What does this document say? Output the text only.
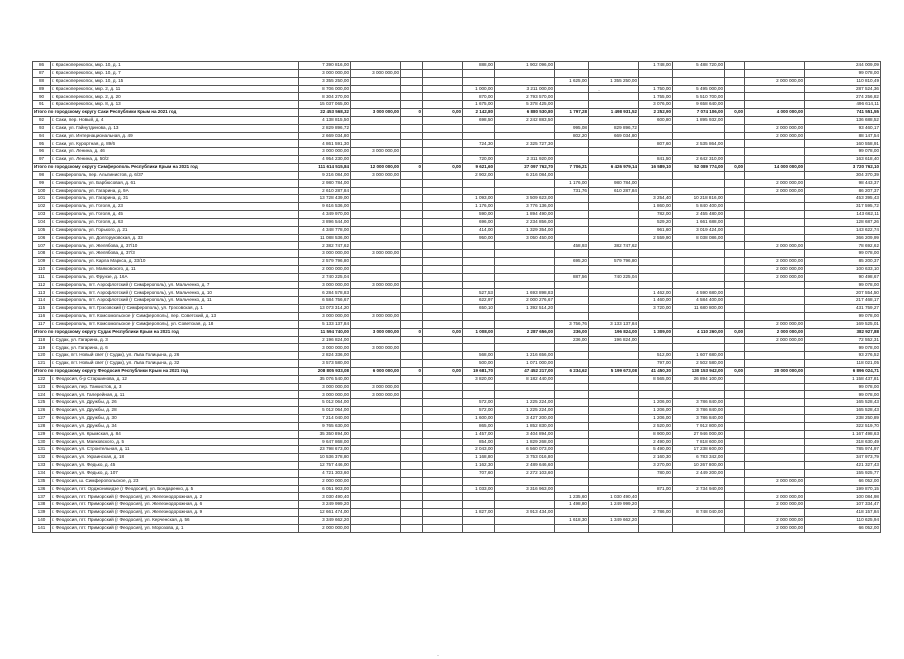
86	г. Красноперекопск, мкр. 10, д. 1	7 390 816,00				888,00	1 902 096,00			1 748,00	5 488 720,00			244 009,09
87	г. Красноперекопск, мкр. 10, д. 7	3 000 000,00	3 000 000,00											99 078,00
88	г. Красноперекопск, мкр. 10, д. 15	3 355 250,00						1 625,00	1 355 250,00				2 000 000,00	110 810,49
89	г. Красноперекопск, мкр. 2, д. 11	8 706 000,00				1 000,00	3 211 000,00			1 750,00	5 495 000,00			287 524,36
90	г. Красноперекопск, мкр. 2, д. 20	8 304 270,00				870,00	2 793 570,00			1 755,00	5 510 700,00			274 256,82
91	г. Красноперекопск, мкр. 8, д. 13	15 037 065,00				1 675,00	5 378 425,00			3 076,00	9 658 640,00			496 614,11
Итого по городскому округу Саки Республики Крым на 2021 год		22 453 568,32	3 000 000,00	0	0,00	2 142,80	6 880 530,80	1 797,28	1 498 931,52	2 252,90	7 074 106,00	0,00	4 000 000,00	741 551,55
92	г. Саки, пер. Новый, д. 4	4 138 815,50				698,50	2 242 883,50			600,80	1 895 932,00			136 688,52
93	г. Саки, ул. Гайнутдинова, д. 13	2 829 896,72						995,08	829 896,72				2 000 000,00	93 460,17
94	г. Саки, ул. Интернациональная, д. 49	2 669 034,80						802,20	669 034,80				2 000 000,00	88 147,54
95	г. Саки, ул. Курортная, д. 89/6	4 861 591,30				724,30	2 325 727,30			807,60	2 535 864,00			160 558,91
96	г. Саки, ул. Ленина, д. 46	3 000 000,00	3 000 000,00											99 078,00
97	г. Саки, ул. Ленина, д. 50/2	4 954 230,00				720,00	2 311 920,00			841,50	2 642 310,00			163 618,40
Итого по городскому округу Симферополь Республики Крым на 2021 год		111 614 515,84	12 000 000,00	0	0,00	9 621,60	27 097 762,70	7 706,21	6 426 979,14	16 589,10	52 089 774,00	0,00	14 000 000,00	3 720 762,10
98	г. Симферополь, пер. Альпинистов, д. 6/37	9 216 084,00	3 000 000,00			2 902,00	6 216 084,00							304 370,39
99	г. Симферополь, ул. Барбюсовая, д. 61	2 980 784,00						1 176,00	980 784,00				2 000 000,00	98 443,37
100	г. Симферополь, ул. Гагарина, д. 9А	2 610 287,84						731,76	610 287,84				2 000 000,00	86 207,37
101	г. Симферополь, ул. Гагарина, д. 31	13 728 439,00				1 093,00	3 509 623,00			3 254,40	10 218 816,00			453 395,43
102	г. Симферополь, ул. Гоголя, д. 23	9 616 536,00				1 176,00	3 776 136,00			1 860,00	5 840 400,00			317 595,72
103	г. Симферополь, ул. Гоголя, д. 45	4 349 970,00				590,00	1 894 490,00			782,00	2 455 480,00			143 662,11
104	г. Симферополь, ул. Гоголя, д. 63	3 896 544,00				696,00	2 234 856,00			529,20	1 661 688,00			128 687,26
105	г. Симферополь, ул. Горького, д. 21	4 348 778,00				414,00	1 329 354,00			961,60	3 019 424,00			143 622,74
106	г. Симферополь, ул. Долгоруковская, д. 33	11 088 536,00				950,00	3 050 450,00			2 559,90	8 038 086,00			366 209,99
107	г. Симферополь, ул. Желябова, д. 37/10	2 382 747,62						458,93	382 747,62				2 000 000,00	78 692,62
108	г. Симферополь, ул. Желябова, д. 37/3	3 000 000,00	3 000 000,00											99 078,00
109	г. Симферополь, ул. Карла Маркса, д. 33/10	2 579 796,80						695,20	579 796,80				2 000 000,00	85 200,37
110	г. Симферополь, ул. Маяковского, д. 11	2 000 000,00											2 000 000,00	100 633,10
111	г. Симферополь, ул. Фрунзе, д. 16А	2 740 225,04						887,56	740 225,04				2 000 000,00	90 498,67
112	г. Симферополь, пгт. Аэрофлотский (г Симферополь), ул. Мальченко, д. 7	3 000 000,00	3 000 000,00											99 078,00
113	г. Симферополь, пгт. Аэрофлотский (г Симферополь), ул. Мальченко, д. 10	6 284 578,83				527,53	1 693 898,83			1 462,00	4 590 680,00			207 554,50
114	г. Симферополь, пгт. Аэрофлотский (г Симферополь), ул. Мальченко, д. 11	6 584 756,67				622,97	2 000 276,67			1 460,00	4 584 400,00			217 468,17
115	г. Симферополь, пгт. Грэсовский (г Симферополь), ул. Грэсовская, д. 1	13 073 314,20				650,10	1 392 514,20			3 720,00	11 680 800,00			431 759,27
116	г. Симферополь, пгт. Комсомольское (г Симферополь), пер. Советский, д. 13	3 000 000,00	3 000 000,00											99 078,00
117	г. Симферополь, пгт. Комсомольское (г Симферополь), ул. Советская, д. 18	5 133 137,84						3 756,76	3 133 137,84				2 000 000,00	169 525,01
Итого по городскому округу Судак Республики Крым на 2021 год		11 594 740,00	3 000 000,00	0	0,00	1 008,00	2 287 656,00	236,00	196 824,00	1 309,00	4 110 260,00	0,00	2 000 000,00	382 927,88
118	г. Судак, ул. Гагарина, д. 3	2 196 824,00						236,00	196 824,00				2 000 000,00	72 552,31
119	г. Судак, ул. Гагарина, д. 6	3 000 000,00	3 000 000,00											99 078,00
120	г. Судак, пгт. Новый свет (г Судак), ул. Льва Голицына, д. 26	2 824 336,00				568,00	1 216 656,00			512,00	1 607 680,00			93 276,52
121	г. Судак, пгт. Новый свет (г Судак), ул. Льва Голицына, д. 32	3 573 580,00				500,00	1 071 000,00			797,00	2 502 580,00			118 021,05
Итого по городскому округу Феодосия Республики Крым на 2021 год		208 805 933,08	6 000 000,00	0	0,00	19 681,70	47 452 217,00	6 234,62	5 199 673,08	41 450,30	130 153 942,00	0,00	20 000 000,00	6 896 024,71
122	г. Феодосия, б-р Старшинова, д. 12	35 076 540,00				3 820,00	8 182 440,00			8 565,00	26 894 100,00			1 158 437,81
123	г. Феодосия, пер. Танкистов, д. 3	3 000 000,00	3 000 000,00											99 078,00
124	г. Феодосия, ул. Галерейная, д. 11	3 000 000,00	3 000 000,00											99 078,00
125	г. Феодосия, ул. Дружбы, д. 26	5 012 064,00				572,00	1 225 224,00			1 206,00	3 786 840,00			165 528,43
126	г. Феодосия, ул. Дружбы, д. 28	5 012 064,00				572,00	1 225 224,00			1 206,00	3 786 840,00			165 528,43
127	г. Феодосия, ул. Дружбы, д. 30	7 214 040,00				1 600,00	3 427 200,00			1 206,00	3 786 840,00			238 250,89
128	г. Феодосия, ул. Дружбы, д. 34	9 765 630,00				865,00	1 852 830,00			2 520,00	7 912 800,00			322 519,70
129	г. Феодосия, ул. Крымская, д. 84	35 350 894,00				1 457,00	3 404 894,00			8 900,00	27 946 000,00			1 167 498,63
130	г. Феодосия, ул. Маяковского, д. 5	9 647 868,00				854,00	1 829 268,00			2 490,00	7 818 600,00			318 630,49
131	г. Феодосия, ул. Строительная, д. 11	23 798 673,00				2 043,00	6 560 073,00			5 490,00	17 238 600,00			785 974,97
132	г. Феодосия, ул. Украинская, д. 18	10 536 378,80				1 168,80	3 753 016,80			2 160,30	6 783 342,00			347 973,79
133	г. Феодосия, ул. Федько, д. 45	12 757 446,00				1 162,30	2 489 646,60			3 270,00	10 267 800,00			421 327,43
134	г. Феодосия, ул. Федько, д. 107	4 721 303,60				707,60	2 272 103,60			780,00	2 449 200,00			155 925,77
135	г. Феодосия, ш. Симферопольское, д. 23	2 000 000,00											2 000 000,00	66 052,00
136	г. Феодосия, пгт. Орджоникидзе (г Феодосия), ул. Бондаренко, д. 5	6 051 903,00				1 033,00	3 316 963,00			871,00	2 734 940,00			199 870,15
137	г. Феодосия, пгт. Приморский (г Феодосия), ул. Железнодорожная, д. 2	3 030 490,40						1 235,60	1 030 490,40				2 000 000,00	100 084,98
138	г. Феодосия, пгт. Приморский (г Феодосия), ул. Железнодорожная, д. 6	3 249 999,20						1 498,80	1 249 999,20				2 000 000,00	107 334,47
139	г. Феодосия, пгт. Приморский (г Феодосия), ул. Железнодорожная, д. 9	12 661 474,00				1 827,00	3 913 434,00			2 786,00	8 748 040,00			418 157,84
140	г. Феодосия, пгт. Приморский (г Феодосия), ул. Керченская, д. 56	3 349 662,20						1 618,30	1 349 662,20				2 000 000,00	110 625,94
141	г. Феодосия, пгт. Приморский (г Феодосия), ул. Морозова, д. 1	2 000 000,00											2 000 000,00	66 052,00
·
·
